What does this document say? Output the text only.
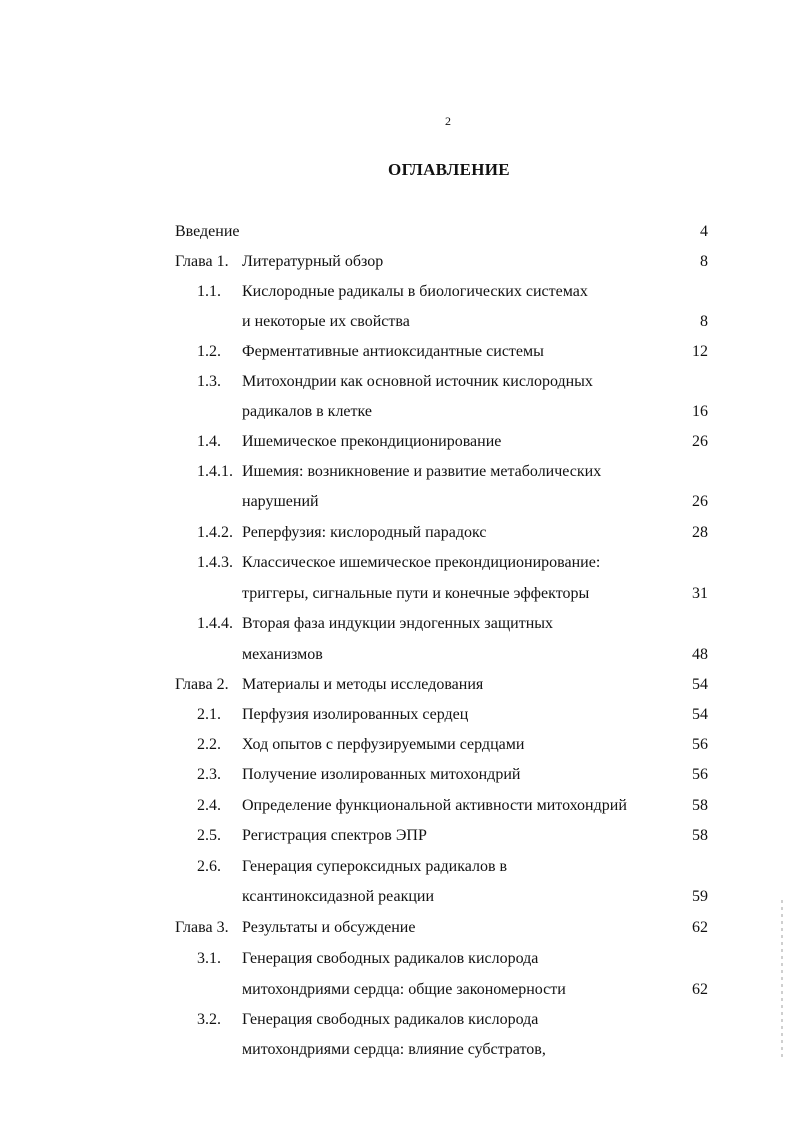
2
ОГЛАВЛЕНИЕ
Введение	4
Глава 1. Литературный обзор	8
1.1. Кислородные радикалы в биологических системах
и некоторые их свойства	8
1.2. Ферментативные антиоксидантные системы	12
1.3. Митохондрии как основной источник кислородных
радикалов в клетке	16
1.4. Ишемическое прекондиционирование	26
1.4.1. Ишемия: возникновение и развитие метаболических
нарушений	26
1.4.2. Реперфузия: кислородный парадокс	28
1.4.3. Классическое ишемическое прекондиционирование:
триггеры, сигнальные пути и конечные эффекторы	31
1.4.4. Вторая фаза индукции эндогенных защитных
механизмов	48
Глава 2. Материалы и методы исследования	54
2.1. Перфузия изолированных сердец	54
2.2. Ход опытов с перфузируемыми сердцами	56
2.3. Получение изолированных митохондрий	56
2.4. Определение функциональной активности митохондрий	58
2.5. Регистрация спектров ЭПР	58
2.6. Генерация супероксидных радикалов в
ксантиноксидазной реакции	59
Глава 3. Результаты и обсуждение	62
3.1. Генерация свободных радикалов кислорода
митохондриями сердца: общие закономерности	62
3.2. Генерация свободных радикалов кислорода
митохондриями сердца: влияние субстратов,
